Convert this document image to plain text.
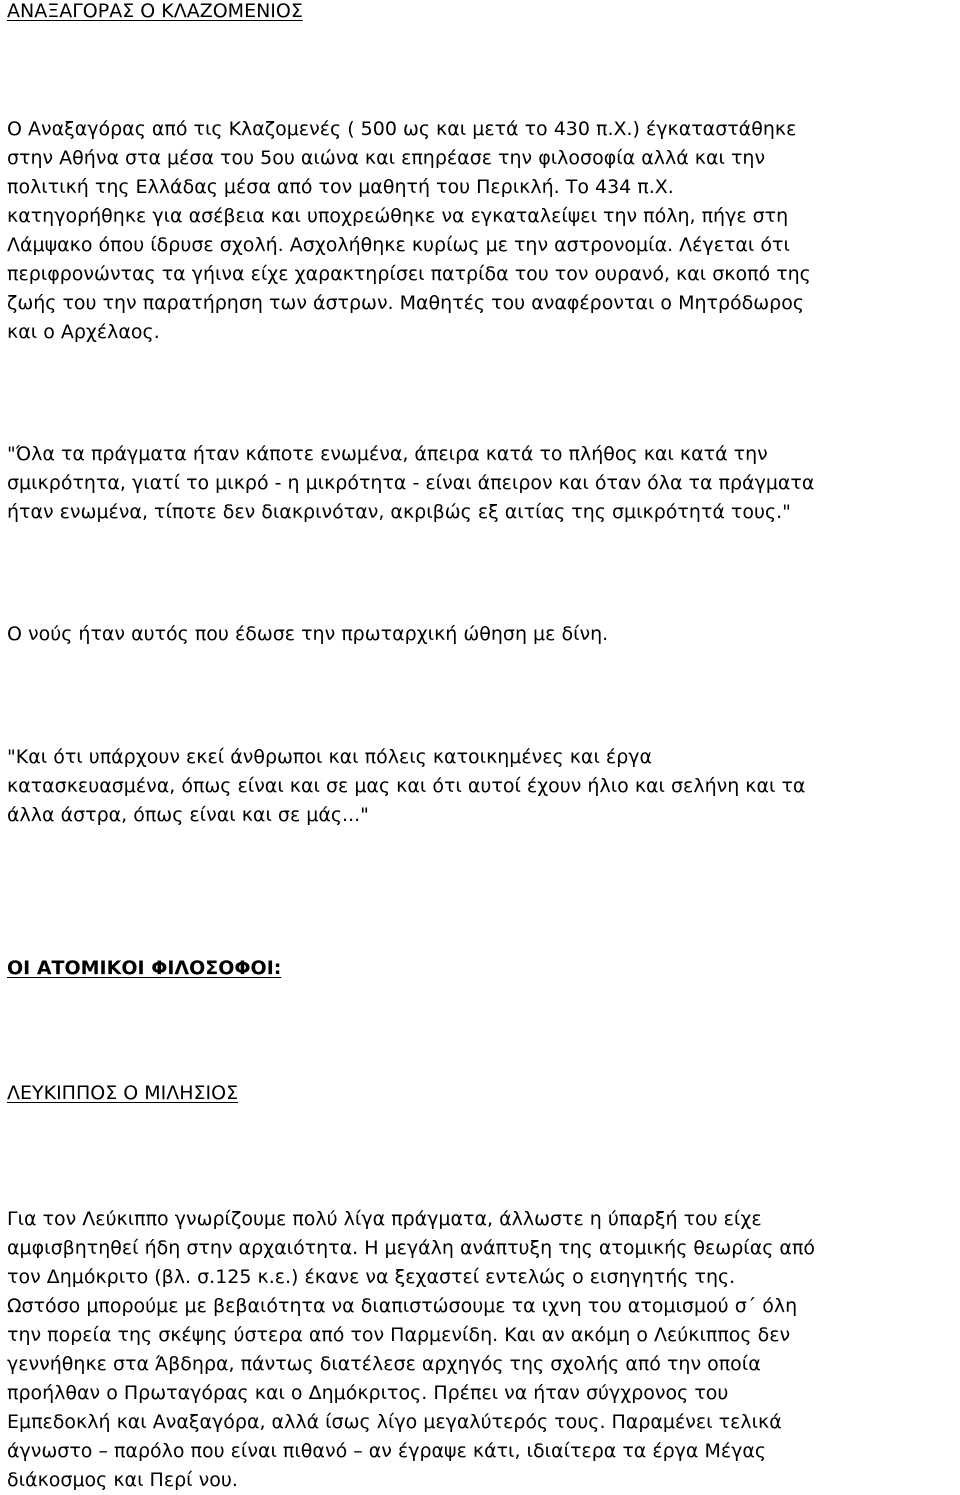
ΑΝΑΞΑΓΟΡΑΣ Ο ΚΛΑΖΟΜΕΝΙΟΣ
Ο Αναξαγόρας από τις Κλαζομενές ( 500 ως και μετά το 430 π.Χ.) έγκαταστάθηκε
στην Αθήνα στα μέσα του 5ου αιώνα και επηρέασε την φιλοσοφία αλλά και την
πολιτική της Ελλάδας μέσα από τον μαθητή του Περικλή. Το 434 π.Χ.
κατηγορήθηκε για ασέβεια και υποχρεώθηκε να εγκαταλείψει την πόλη, πήγε στη
Λάμψακο όπου ίδρυσε σχολή. Ασχολήθηκε κυρίως με την αστρονομία. Λέγεται ότι
περιφρονώντας τα γήινα είχε χαρακτηρίσει πατρίδα του τον ουρανό, και σκοπό της
ζωής του την παρατήρηση των άστρων. Μαθητές του αναφέρονται ο Μητρόδωρος
και ο Αρχέλαος.
"Όλα τα πράγματα ήταν κάποτε ενωμένα, άπειρα κατά το πλήθος και κατά την
σμικρότητα, γιατί το μικρό - η μικρότητα - είναι άπειρον και όταν όλα τα πράγματα
ήταν ενωμένα, τίποτε δεν διακρινόταν, ακριβώς εξ αιτίας της σμικρότητά τους."
Ο νούς ήταν αυτός που έδωσε την πρωταρχική ώθηση με δίνη.
"Και ότι υπάρχουν εκεί άνθρωποι και πόλεις κατοικημένες και έργα
κατασκευασμένα, όπως είναι και σε μας και ότι αυτοί έχουν ήλιο και σελήνη και τα
άλλα άστρα, όπως είναι και σε μάς..."
ΟΙ ΑΤΟΜΙΚΟΙ ΦΙΛΟΣΟΦΟΙ:
ΛΕΥΚΙΠΠΟΣ Ο ΜΙΛΗΣΙΟΣ
Για τον Λεύκιππο γνωρίζουμε πολύ λίγα πράγματα, άλλωστε η ύπαρξή του είχε
αμφισβητηθεί ήδη στην αρχαιότητα. Η μεγάλη ανάπτυξη της ατομικής θεωρίας από
τον Δημόκριτο (βλ. σ.125 κ.ε.) έκανε να ξεχαστεί εντελώς ο εισηγητής της.
Ωστόσο μπορούμε με βεβαιότητα να διαπιστώσουμε τα ιχνη του ατομισμού σ΄ όλη
την πορεία της σκέψης ύστερα από τον Παρμενίδη. Και αν ακόμη ο Λεύκιππος δεν
γεννήθηκε στα Άβδηρα, πάντως διατέλεσε αρχηγός της σχολής από την οποία
προήλθαν ο Πρωταγόρας και ο Δημόκριτος. Πρέπει να ήταν σύγχρονος του
Εμπεδοκλή και Αναξαγόρα, αλλά ίσως λίγο μεγαλύτερός τους. Παραμένει τελικά
άγνωστο – παρόλο που είναι πιθανό – αν έγραψε κάτι, ιδιαίτερα τα έργα Μέγας
διάκοσμος και Περί νου.
